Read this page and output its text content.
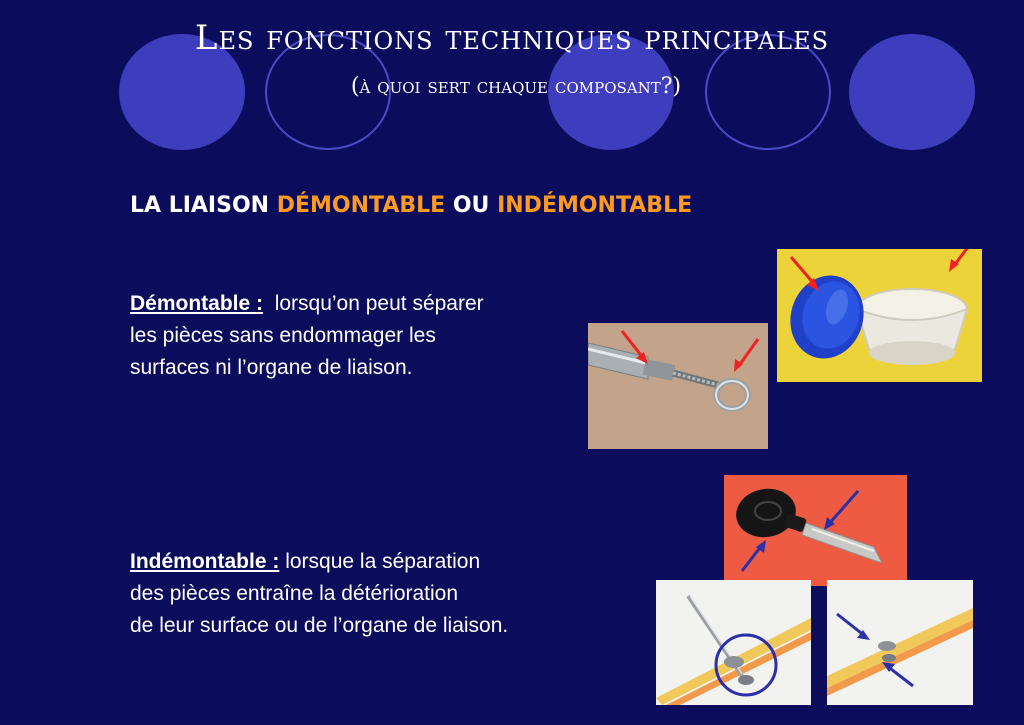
Les fonctions techniques principales
(à quoi sert chaque composant?)
LA LIAISON DÉMONTABLE OU INDÉMONTABLE
Démontable : lorsqu’on peut séparer
les pièces sans endommager les
surfaces ni l’organe de liaison.
Indémontable : lorsque la séparation
des pièces entraîne la détérioration
de leur surface ou de l’organe de liaison.
